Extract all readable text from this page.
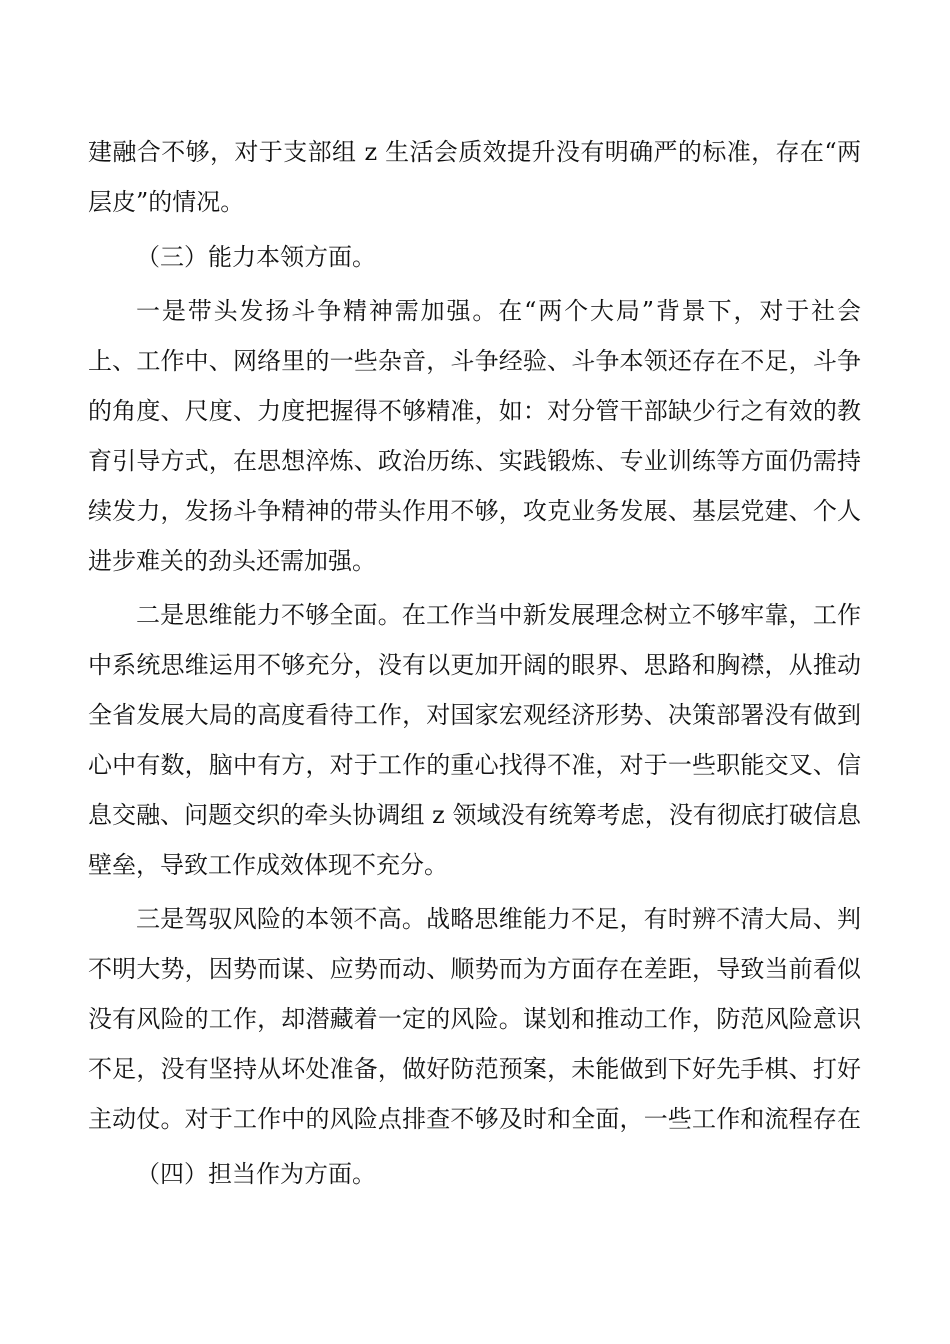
建融合不够，对于支部组 z 生活会质效提升没有明确严的标准，存在“两

层皮”的情况。

（三）能力本领方面。

一是带头发扬斗争精神需加强。在“两个大局”背景下，对于社会

上、工作中、网络里的一些杂音，斗争经验、斗争本领还存在不足，斗争

的角度、尺度、力度把握得不够精准，如：对分管干部缺少行之有效的教

育引导方式，在思想淬炼、政治历练、实践锻炼、专业训练等方面仍需持

续发力，发扬斗争精神的带头作用不够，攻克业务发展、基层党建、个人

进步难关的劲头还需加强。

二是思维能力不够全面。在工作当中新发展理念树立不够牢靠，工作

中系统思维运用不够充分，没有以更加开阔的眼界、思路和胸襟，从推动

全省发展大局的高度看待工作，对国家宏观经济形势、决策部署没有做到

心中有数，脑中有方，对于工作的重心找得不准，对于一些职能交叉、信

息交融、问题交织的牵头协调组 z 领域没有统筹考虑，没有彻底打破信息

壁垒，导致工作成效体现不充分。

三是驾驭风险的本领不高。战略思维能力不足，有时辨不清大局、判

不明大势，因势而谋、应势而动、顺势而为方面存在差距，导致当前看似

没有风险的工作，却潜藏着一定的风险。谋划和推动工作，防范风险意识

不足，没有坚持从坏处准备，做好防范预案，未能做到下好先手棋、打好

主动仗。对于工作中的风险点排查不够及时和全面，一些工作和流程存在

（四）担当作为方面。
